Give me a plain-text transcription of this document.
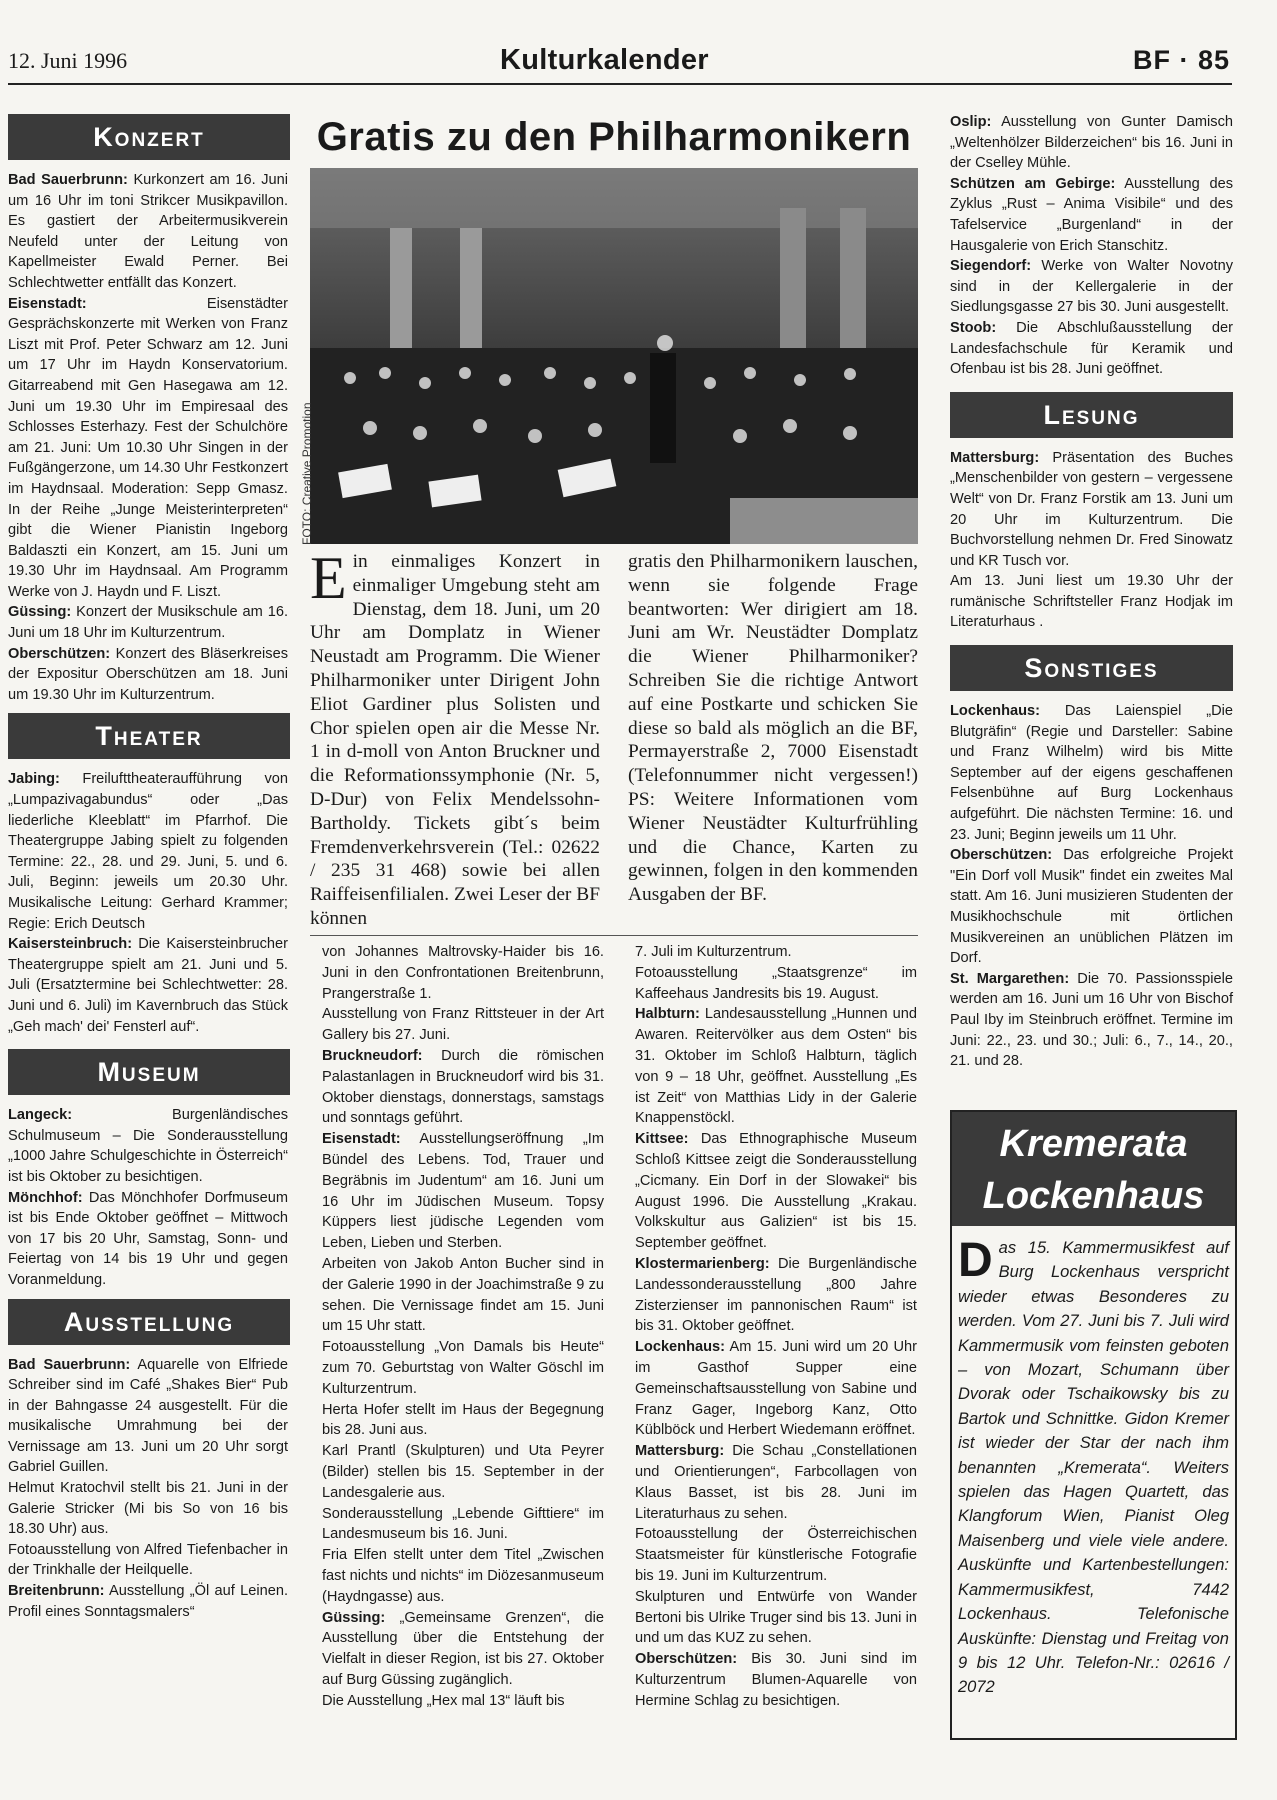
12. Juni 1996	Kulturkalender	BF · 85
Konzert

Bad Sauerbrunn: Kurkonzert am 16. Juni um 16 Uhr im toni Strikcer Musikpavillon. Es gastiert der Arbeitermusikverein Neufeld unter der Leitung von Kapellmeister Ewald Perner. Bei Schlechtwetter entfällt das Konzert.

Eisenstadt: Eisenstädter Gesprächskonzerte mit Werken von Franz Liszt mit Prof. Peter Schwarz am 12. Juni um 17 Uhr im Haydn Konservatorium. Gitarreabend mit Gen Hasegawa am 12. Juni um 19.30 Uhr im Empiresaal des Schlosses Esterhazy. Fest der Schulchöre am 21. Juni: Um 10.30 Uhr Singen in der Fußgängerzone, um 14.30 Uhr Festkonzert im Haydnsaal. Moderation: Sepp Gmasz. In der Reihe „Junge Meisterinterpreten“ gibt die Wiener Pianistin Ingeborg Baldaszti ein Konzert, am 15. Juni um 19.30 Uhr im Haydnsaal. Am Programm Werke von J. Haydn und F. Liszt.

Güssing: Konzert der Musikschule am 16. Juni um 18 Uhr im Kulturzentrum.

Oberschützen: Konzert des Bläserkreises der Expositur Oberschützen am 18. Juni um 19.30 Uhr im Kulturzentrum.

Theater

Jabing: Freilufttheateraufführung von „Lumpazivagabundus“ oder „Das liederliche Kleeblatt“ im Pfarrhof. Die Theatergruppe Jabing spielt zu folgenden Termine: 22., 28. und 29. Juni, 5. und 6. Juli, Beginn: jeweils um 20.30 Uhr. Musikalische Leitung: Gerhard Krammer; Regie: Erich Deutsch

Kaisersteinbruch: Die Kaisersteinbrucher Theatergruppe spielt am 21. Juni und 5. Juli (Ersatztermine bei Schlechtwetter: 28. Juni und 6. Juli) im Kavernbruch das Stück „Geh mach' dei' Fensterl auf“.

Museum

Langeck: Burgenländisches Schulmuseum – Die Sonderausstellung „1000 Jahre Schulgeschichte in Österreich“ ist bis Oktober zu besichtigen.

Mönchhof: Das Mönchhofer Dorfmuseum ist bis Ende Oktober geöffnet – Mittwoch von 17 bis 20 Uhr, Samstag, Sonn- und Feiertag von 14 bis 19 Uhr und gegen Voranmeldung.

Ausstellung

Bad Sauerbrunn: Aquarelle von Elfriede Schreiber sind im Café „Shakes Bier“ Pub in der Bahngasse 24 ausgestellt. Für die musikalische Umrahmung bei der Vernissage am 13. Juni um 20 Uhr sorgt Gabriel Guillen.

Helmut Kratochvil stellt bis 21. Juni in der Galerie Stricker (Mi bis So von 16 bis 18.30 Uhr) aus.

Fotoausstellung von Alfred Tiefenbacher in der Trinkhalle der Heilquelle.

Breitenbrunn: Ausstellung „Öl auf Leinen. Profil eines Sonntagsmalers“

Gratis zu den Philharmonikern
E in einmaliges Konzert in einmaliger Umgebung steht am Dienstag, dem 18. Juni, um 20 Uhr am Domplatz in Wiener Neustadt am Programm. Die Wiener Philharmoniker unter Dirigent John Eliot Gardiner plus Solisten und Chor spielen open air die Messe Nr. 1 in d-moll von Anton Bruckner und die Reformationssymphonie (Nr. 5, D-Dur) von Felix Mendelssohn-Bartholdy. Tickets gibt´s beim Fremdenverkehrsverein (Tel.: 02622 / 235 31 468) sowie bei allen Raiffeisenfilialen. Zwei Leser der BF können
gratis den Philharmonikern lauschen, wenn sie folgende Frage beantworten: Wer dirigiert am 18. Juni am Wr. Neustädter Domplatz die Wiener Philharmoniker? Schreiben Sie die richtige Antwort auf eine Postkarte und schicken Sie diese so bald als möglich an die BF, Permayerstraße 2, 7000 Eisenstadt (Telefonnummer nicht vergessen!) PS: Weitere Informationen vom Wiener Neustädter Kulturfrühling und die Chance, Karten zu gewinnen, folgen in den kommenden Ausgaben der BF.
FOTO: Creative Promotion

von Johannes Maltrovsky-Haider bis 16. Juni in den Confrontationen Breitenbrunn, Prangerstraße 1.

Ausstellung von Franz Rittsteuer in der Art Gallery bis 27. Juni.

Bruckneudorf: Durch die römischen Palastanlagen in Bruckneudorf wird bis 31. Oktober dienstags, donnerstags, samstags und sonntags geführt.

Eisenstadt: Ausstellungseröffnung „Im Bündel des Lebens. Tod, Trauer und Begräbnis im Judentum“ am 16. Juni um 16 Uhr im Jüdischen Museum. Topsy Küppers liest jüdische Legenden vom Leben, Lieben und Sterben.

Arbeiten von Jakob Anton Bucher sind in der Galerie 1990 in der Joachimstraße 9 zu sehen. Die Vernissage findet am 15. Juni um 15 Uhr statt.

Fotoausstellung „Von Damals bis Heute“ zum 70. Geburtstag von Walter Göschl im Kulturzentrum.

Herta Hofer stellt im Haus der Begegnung bis 28. Juni aus.

Karl Prantl (Skulpturen) und Uta Peyrer (Bilder) stellen bis 15. September in der Landesgalerie aus.

Sonderausstellung „Lebende Gifttiere“ im Landesmuseum bis 16. Juni.

Fria Elfen stellt unter dem Titel „Zwischen fast nichts und nichts“ im Diözesanmuseum (Haydngasse) aus.

Güssing: „Gemeinsame Grenzen“, die Ausstellung über die Entstehung der Vielfalt in dieser Region, ist bis 27. Oktober auf Burg Güssing zugänglich.

Die Ausstellung „Hex mal 13“ läuft bis

7. Juli im Kulturzentrum.

Fotoausstellung „Staatsgrenze“ im Kaffeehaus Jandresits bis 19. August.

Halbturn: Landesausstellung „Hunnen und Awaren. Reitervölker aus dem Osten“ bis 31. Oktober im Schloß Halbturn, täglich von 9 – 18 Uhr, geöffnet. Ausstellung „Es ist Zeit“ von Matthias Lidy in der Galerie Knappenstöckl.

Kittsee: Das Ethnographische Museum Schloß Kittsee zeigt die Sonderausstellung „Cicmany. Ein Dorf in der Slowakei“ bis August 1996. Die Ausstellung „Krakau. Volkskultur aus Galizien“ ist bis 15. September geöffnet.

Klostermarienberg: Die Burgenländische Landessonderausstellung „800 Jahre Zisterzienser im pannonischen Raum“ ist bis 31. Oktober geöffnet.

Lockenhaus: Am 15. Juni wird um 20 Uhr im Gasthof Supper eine Gemeinschaftsausstellung von Sabine und Franz Gager, Ingeborg Kanz, Otto Küblböck und Herbert Wiedemann eröffnet.

Mattersburg: Die Schau „Constellationen und Orientierungen“, Farbcollagen von Klaus Basset, ist bis 28. Juni im Literaturhaus zu sehen.

Fotoausstellung der Österreichischen Staatsmeister für künstlerische Fotografie bis 19. Juni im Kulturzentrum.

Skulpturen und Entwürfe von Wander Bertoni bis Ulrike Truger sind bis 13. Juni in und um das KUZ zu sehen.

Oberschützen: Bis 30. Juni sind im Kulturzentrum Blumen-Aquarelle von Hermine Schlag zu besichtigen.

Oslip: Ausstellung von Gunter Damisch „Weltenhölzer Bilderzeichen“ bis 16. Juni in der Cselley Mühle.

Schützen am Gebirge: Ausstellung des Zyklus „Rust – Anima Visibile“ und des Tafelservice „Burgenland“ in der Hausgalerie von Erich Stanschitz.

Siegendorf: Werke von Walter Novotny sind in der Kellergalerie in der Siedlungsgasse 27 bis 30. Juni ausgestellt.

Stoob: Die Abschlußausstellung der Landesfachschule für Keramik und Ofenbau ist bis 28. Juni geöffnet.

Lesung

Mattersburg: Präsentation des Buches „Menschenbilder von gestern – vergessene Welt“ von Dr. Franz Forstik am 13. Juni um 20 Uhr im Kulturzentrum. Die Buchvorstellung nehmen Dr. Fred Sinowatz und KR Tusch vor.

Am 13. Juni liest um 19.30 Uhr der rumänische Schriftsteller Franz Hodjak im Literaturhaus .

Sonstiges

Lockenhaus: Das Laienspiel „Die Blutgräfin“ (Regie und Darsteller: Sabine und Franz Wilhelm) wird bis Mitte September auf der eigens geschaffenen Felsenbühne auf Burg Lockenhaus aufgeführt. Die nächsten Termine: 16. und 23. Juni; Beginn jeweils um 11 Uhr.

Oberschützen: Das erfolgreiche Projekt "Ein Dorf voll Musik" findet ein zweites Mal statt. Am 16. Juni musizieren Studenten der Musikhochschule mit örtlichen Musikvereinen an unüblichen Plätzen im Dorf.

St. Margarethen: Die 70. Passionsspiele werden am 16. Juni um 16 Uhr von Bischof Paul Iby im Steinbruch eröffnet. Termine im Juni: 22., 23. und 30.; Juli: 6., 7., 14., 20., 21. und 28.

Kremerata Lockenhaus
D as 15. Kammermusikfest auf Burg Lockenhaus verspricht wieder etwas Besonderes zu werden. Vom 27. Juni bis 7. Juli wird Kammermusik vom feinsten geboten – von Mozart, Schumann über Dvorak oder Tschaikowsky bis zu Bartok und Schnittke. Gidon Kremer ist wieder der Star der nach ihm benannten „Kremerata“. Weiters spielen das Hagen Quartett, das Klangforum Wien, Pianist Oleg Maisenberg und viele viele andere. Auskünfte und Kartenbestellungen: Kammermusikfest, 7442 Lockenhaus. Telefonische Auskünfte: Dienstag und Freitag von 9 bis 12 Uhr. Telefon-Nr.: 02616 / 2072
